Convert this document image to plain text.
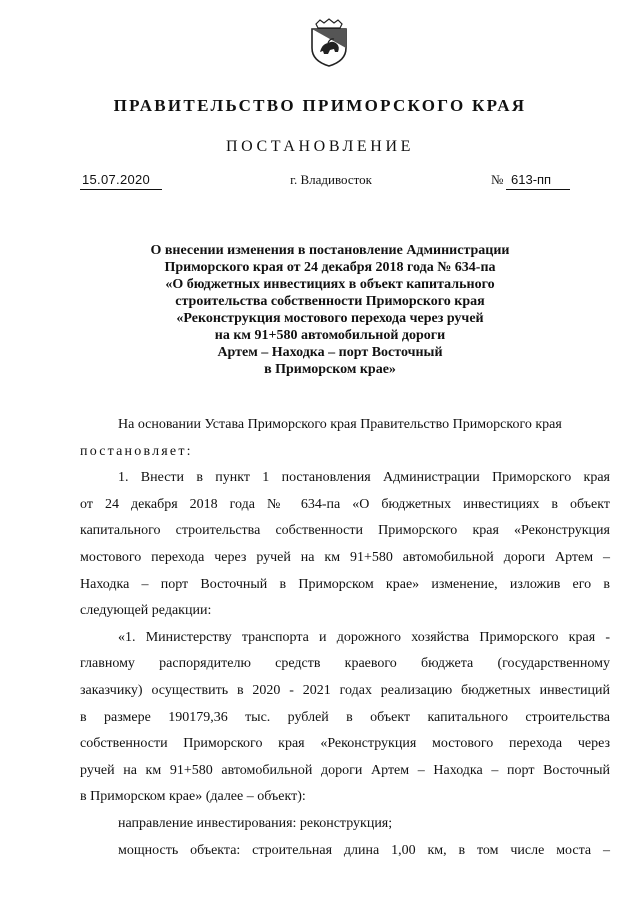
ПРАВИТЕЛЬСТВО ПРИМОРСКОГО КРАЯ
ПОСТАНОВЛЕНИЕ
15.07.2020	г. Владивосток	№ 613-пп
О внесении изменения в постановление Администрации
Приморского края от 24 декабря 2018 года № 634-па
«О бюджетных инвестициях в объект капитального
строительства собственности Приморского края
«Реконструкция мостового перехода через ручей
на км 91+580 автомобильной дороги
Артем – Находка – порт Восточный
в Приморском крае»
На основании Устава Приморского края Правительство Приморского края
постановляет:
1. Внести в пункт 1 постановления Администрации Приморского края
от 24 декабря 2018 года № 634-па «О бюджетных инвестициях в объект
капитального строительства собственности Приморского края «Реконструкция
мостового перехода через ручей на км 91+580 автомобильной дороги Артем –
Находка – порт Восточный в Приморском крае» изменение, изложив его в
следующей редакции:
«1. Министерству транспорта и дорожного хозяйства Приморского края -
главному распорядителю средств краевого бюджета (государственному
заказчику) осуществить в 2020 - 2021 годах реализацию бюджетных инвестиций
в размере 190179,36 тыс. рублей в объект капитального строительства
собственности Приморского края «Реконструкция мостового перехода через
ручей на км 91+580 автомобильной дороги Артем – Находка – порт Восточный
в Приморском крае» (далее – объект):
направление инвестирования: реконструкция;
мощность объекта: строительная длина 1,00 км, в том числе моста –
